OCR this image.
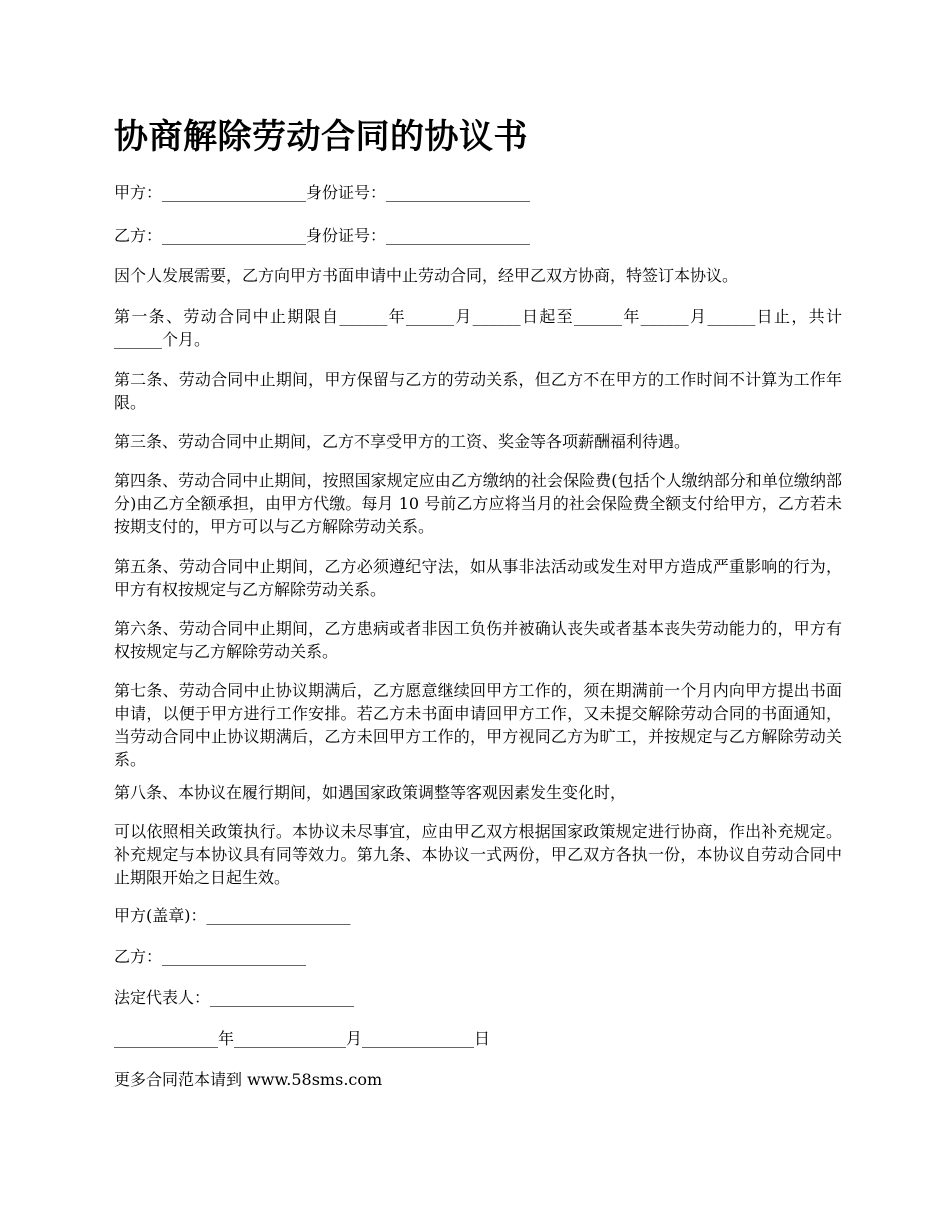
协商解除劳动合同的协议书

甲方：__________________身份证号：__________________

乙方：__________________身份证号：__________________

因个人发展需要，乙方向甲方书面申请中止劳动合同，经甲乙双方协商，特签订本协议。

第一条、劳动合同中止期限自______年______月______日起至______年______月______日止，共计______个月。

第二条、劳动合同中止期间，甲方保留与乙方的劳动关系，但乙方不在甲方的工作时间不计算为工作年限。

第三条、劳动合同中止期间，乙方不享受甲方的工资、奖金等各项薪酬福利待遇。

第四条、劳动合同中止期间，按照国家规定应由乙方缴纳的社会保险费(包括个人缴纳部分和单位缴纳部分)由乙方全额承担，由甲方代缴。每月 10 号前乙方应将当月的社会保险费全额支付给甲方，乙方若未按期支付的，甲方可以与乙方解除劳动关系。

第五条、劳动合同中止期间，乙方必须遵纪守法，如从事非法活动或发生对甲方造成严重影响的行为，甲方有权按规定与乙方解除劳动关系。

第六条、劳动合同中止期间，乙方患病或者非因工负伤并被确认丧失或者基本丧失劳动能力的，甲方有权按规定与乙方解除劳动关系。

第七条、劳动合同中止协议期满后，乙方愿意继续回甲方工作的，须在期满前一个月内向甲方提出书面申请，以便于甲方进行工作安排。若乙方未书面申请回甲方工作，又未提交解除劳动合同的书面通知，当劳动合同中止协议期满后，乙方未回甲方工作的，甲方视同乙方为旷工，并按规定与乙方解除劳动关系。

第八条、本协议在履行期间，如遇国家政策调整等客观因素发生变化时，

可以依照相关政策执行。本协议未尽事宜，应由甲乙双方根据国家政策规定进行协商，作出补充规定。补充规定与本协议具有同等效力。第九条、本协议一式两份，甲乙双方各执一份，本协议自劳动合同中止期限开始之日起生效。

甲方(盖章)：__________________

乙方：__________________

法定代表人：__________________

_____________年______________月______________日

更多合同范本请到 www.58sms.com
